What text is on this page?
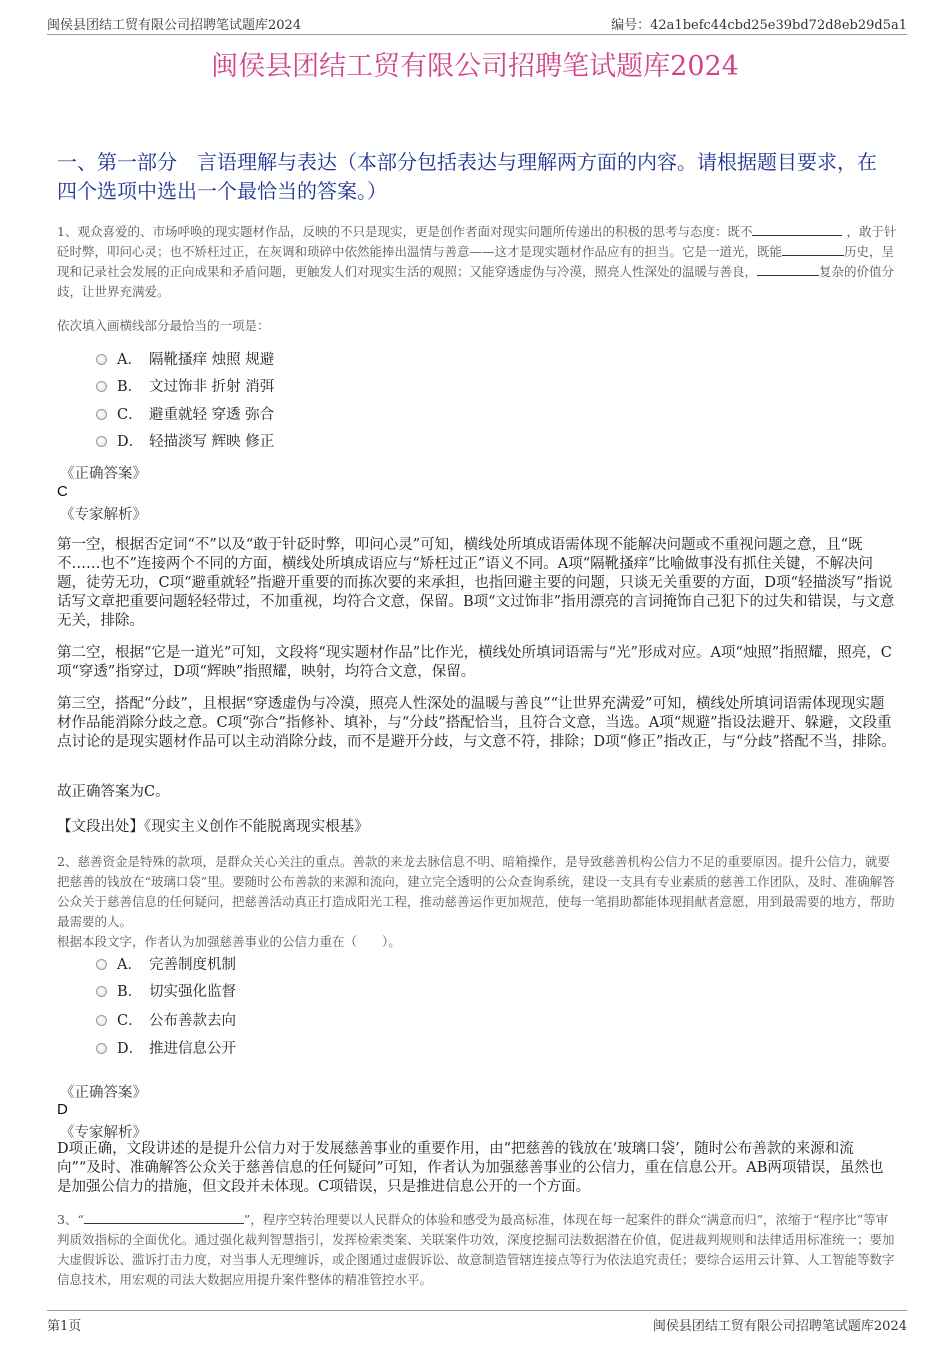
闽侯县团结工贸有限公司招聘笔试题库2024	编号：42a1befc44cbd25e39bd72d8eb29d5a1
闽侯县团结工贸有限公司招聘笔试题库2024

一、第一部分　言语理解与表达（本部分包括表达与理解两方面的内容。请根据题目要求，在四个选项中选出一个最恰当的答案。）

1、观众喜爱的、市场呼唤的现实题材作品，反映的不只是现实，更是创作者面对现实问题所传递出的积极的思考与态度：既不	，敢于针砭时弊，叩问心灵；也不矫枉过正，在灰调和琐碎中依然能捧出温情与善意——这才是现实题材作品应有的担当。它是一道光，既能	历史，呈现和记录社会发展的正向成果和矛盾问题，更触发人们对现实生活的观照；又能穿透虚伪与冷漠，照亮人性深处的温暖与善良，	复杂的价值分歧，让世界充满爱。

依次填入画横线部分最恰当的一项是：

A． 隔靴搔痒 烛照 规避
B． 文过饰非 折射 消弭
C． 避重就轻 穿透 弥合
D． 轻描淡写 辉映 修正
《正确答案》
C
《专家解析》

第一空，根据否定词“不”以及“敢于针砭时弊，叩问心灵”可知，横线处所填成语需体现不能解决问题或不重视问题之意，且“既不……也不”连接两个不同的方面，横线处所填成语应与“矫枉过正”语义不同。A项“隔靴搔痒”比喻做事没有抓住关键，不解决问题，徒劳无功，C项“避重就轻”指避开重要的而拣次要的来承担，也指回避主要的问题，只谈无关重要的方面，D项“轻描淡写”指说话写文章把重要问题轻轻带过，不加重视，均符合文意，保留。B项“文过饰非”指用漂亮的言词掩饰自己犯下的过失和错误，与文意无关，排除。

第二空，根据“它是一道光”可知，文段将“现实题材作品”比作光，横线处所填词语需与“光”形成对应。A项“烛照”指照耀，照亮，C项“穿透”指穿过，D项“辉映”指照耀，映射，均符合文意，保留。

第三空，搭配“分歧”，且根据“穿透虚伪与冷漠，照亮人性深处的温暖与善良”“让世界充满爱”可知，横线处所填词语需体现现实题材作品能消除分歧之意。C项“弥合”指修补、填补，与“分歧”搭配恰当，且符合文意，当选。A项“规避”指设法避开、躲避，文段重点讨论的是现实题材作品可以主动消除分歧，而不是避开分歧，与文意不符，排除；D项“修正”指改正，与“分歧”搭配不当，排除。

故正确答案为C。

【文段出处】《现实主义创作不能脱离现实根基》

2、慈善资金是特殊的款项，是群众关心关注的重点。善款的来龙去脉信息不明、暗箱操作，是导致慈善机构公信力不足的重要原因。提升公信力，就要把慈善的钱放在“玻璃口袋”里。要随时公布善款的来源和流向，建立完全透明的公众查询系统，建设一支具有专业素质的慈善工作团队，及时、准确解答公众关于慈善信息的任何疑问，把慈善活动真正打造成阳光工程，推动慈善运作更加规范，使每一笔捐助都能体现捐献者意愿，用到最需要的地方，帮助最需要的人。

根据本段文字，作者认为加强慈善事业的公信力重在（　　）。

A． 完善制度机制
B． 切实强化监督
C． 公布善款去向
D． 推进信息公开
《正确答案》
D
《专家解析》

D项正确，文段讲述的是提升公信力对于发展慈善事业的重要作用，由“把慈善的钱放在‘玻璃口袋’，随时公布善款的来源和流向”“及时、准确解答公众关于慈善信息的任何疑问”可知，作者认为加强慈善事业的公信力，重在信息公开。AB两项错误，虽然也是加强公信力的措施，但文段并未体现。C项错误，只是推进信息公开的一个方面。

3、“	”，程序空转治理要以人民群众的体验和感受为最高标准，体现在每一起案件的群众“满意而归”，浓缩于“程序比”等审判质效指标的全面优化。通过强化裁判智慧指引，发挥检索类案、关联案件功效，深度挖掘司法数据潜在价值，促进裁判规则和法律适用标准统一；要加大虚假诉讼、滥诉打击力度，对当事人无理缠诉，或企图通过虚假诉讼、故意制造管辖连接点等行为依法追究责任；要综合运用云计算、人工智能等数字信息技术，用宏观的司法大数据应用提升案件整体的精准管控水平。

第1页	闽侯县团结工贸有限公司招聘笔试题库2024
